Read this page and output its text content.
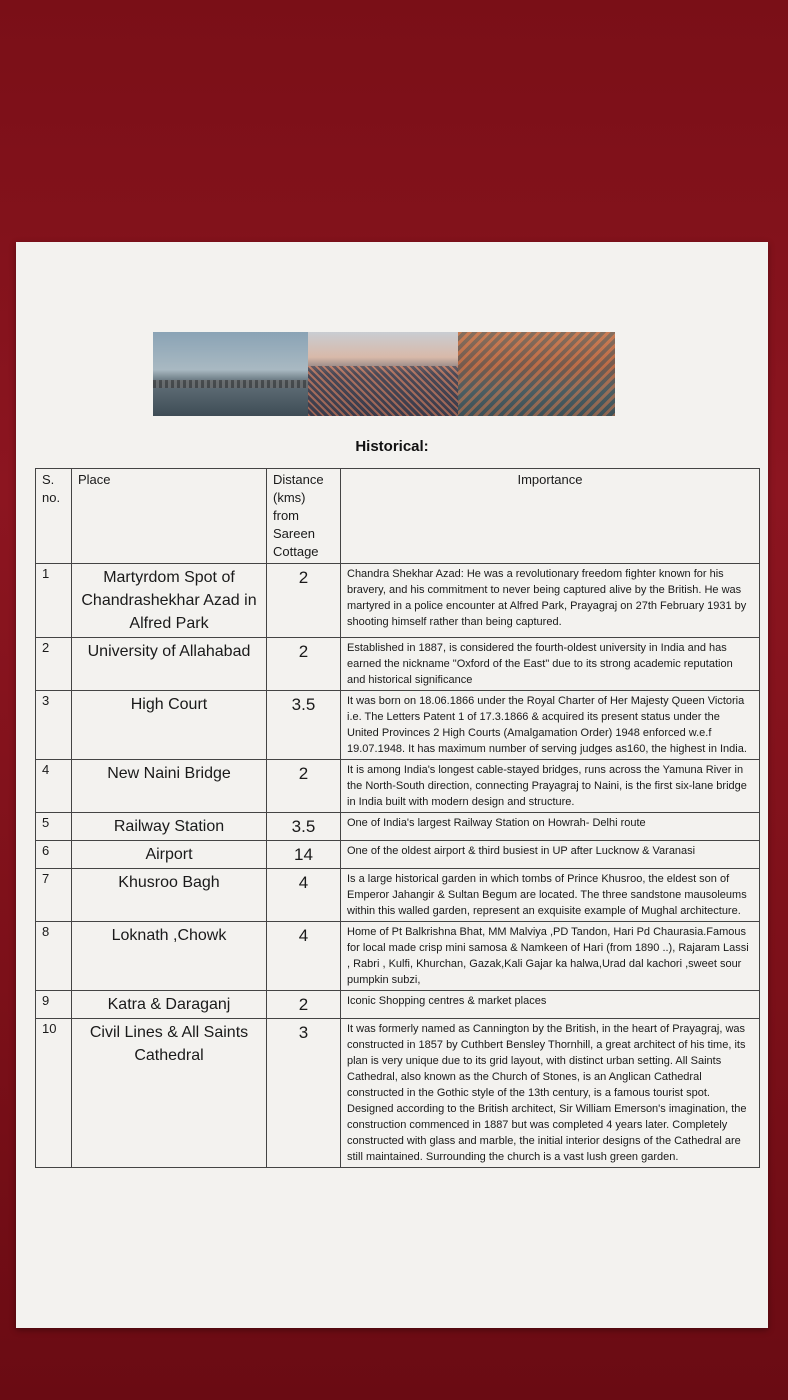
Historical:
S. no.	Place	Distance (kms) from Sareen Cottage	Importance
1	Martyrdom Spot of Chandrashekhar Azad in Alfred Park	2	Chandra Shekhar Azad: He was a revolutionary freedom fighter known for his bravery, and his commitment to never being captured alive by the British. He was martyred in a police encounter at Alfred Park, Prayagraj on 27th February 1931 by shooting himself rather than being captured.
2	University of Allahabad	2	Established in 1887, is considered the fourth-oldest university in India and has earned the nickname "Oxford of the East" due to its strong academic reputation and historical significance
3	High Court	3.5	It was born on 18.06.1866 under the Royal Charter of Her Majesty Queen Victoria i.e. The Letters Patent 1 of 17.3.1866 & acquired its present status under the United Provinces 2 High Courts (Amalgamation Order) 1948 enforced w.e.f 19.07.1948. It has maximum number of serving judges as160, the highest in India.
4	New Naini Bridge	2	It is among India's longest cable-stayed bridges, runs across the Yamuna River in the North-South direction, connecting Prayagraj to Naini, is the first six-lane bridge in India built with modern design and structure.
5	Railway Station	3.5	One of India's largest Railway Station on Howrah- Delhi route
6	Airport	14	One of the oldest airport & third busiest in UP after Lucknow & Varanasi
7	Khusroo Bagh	4	Is a large historical garden in which tombs of Prince Khusroo, the eldest son of Emperor Jahangir & Sultan Begum are located. The three sandstone mausoleums within this walled garden, represent an exquisite example of Mughal architecture.
8	Loknath ,Chowk	4	Home of Pt Balkrishna Bhat, MM Malviya ,PD Tandon, Hari Pd Chaurasia.Famous for local made crisp mini samosa & Namkeen of Hari (from 1890 ..), Rajaram Lassi , Rabri , Kulfi, Khurchan, Gazak,Kali Gajar ka halwa,Urad dal kachori ,sweet sour pumpkin subzi,
9	Katra & Daraganj	2	Iconic Shopping centres & market places
10	Civil Lines & All Saints Cathedral	3	It was formerly named as Cannington by the British, in the heart of Prayagraj, was constructed in 1857 by Cuthbert Bensley Thornhill, a great architect of his time, its plan is very unique due to its grid layout, with distinct urban setting. All Saints Cathedral, also known as the Church of Stones, is an Anglican Cathedral constructed in the Gothic style of the 13th century, is a famous tourist spot. Designed according to the British architect, Sir William Emerson's imagination, the construction commenced in 1887 but was completed 4 years later. Completely constructed with glass and marble, the initial interior designs of the Cathedral are still maintained. Surrounding the church is a vast lush green garden.
